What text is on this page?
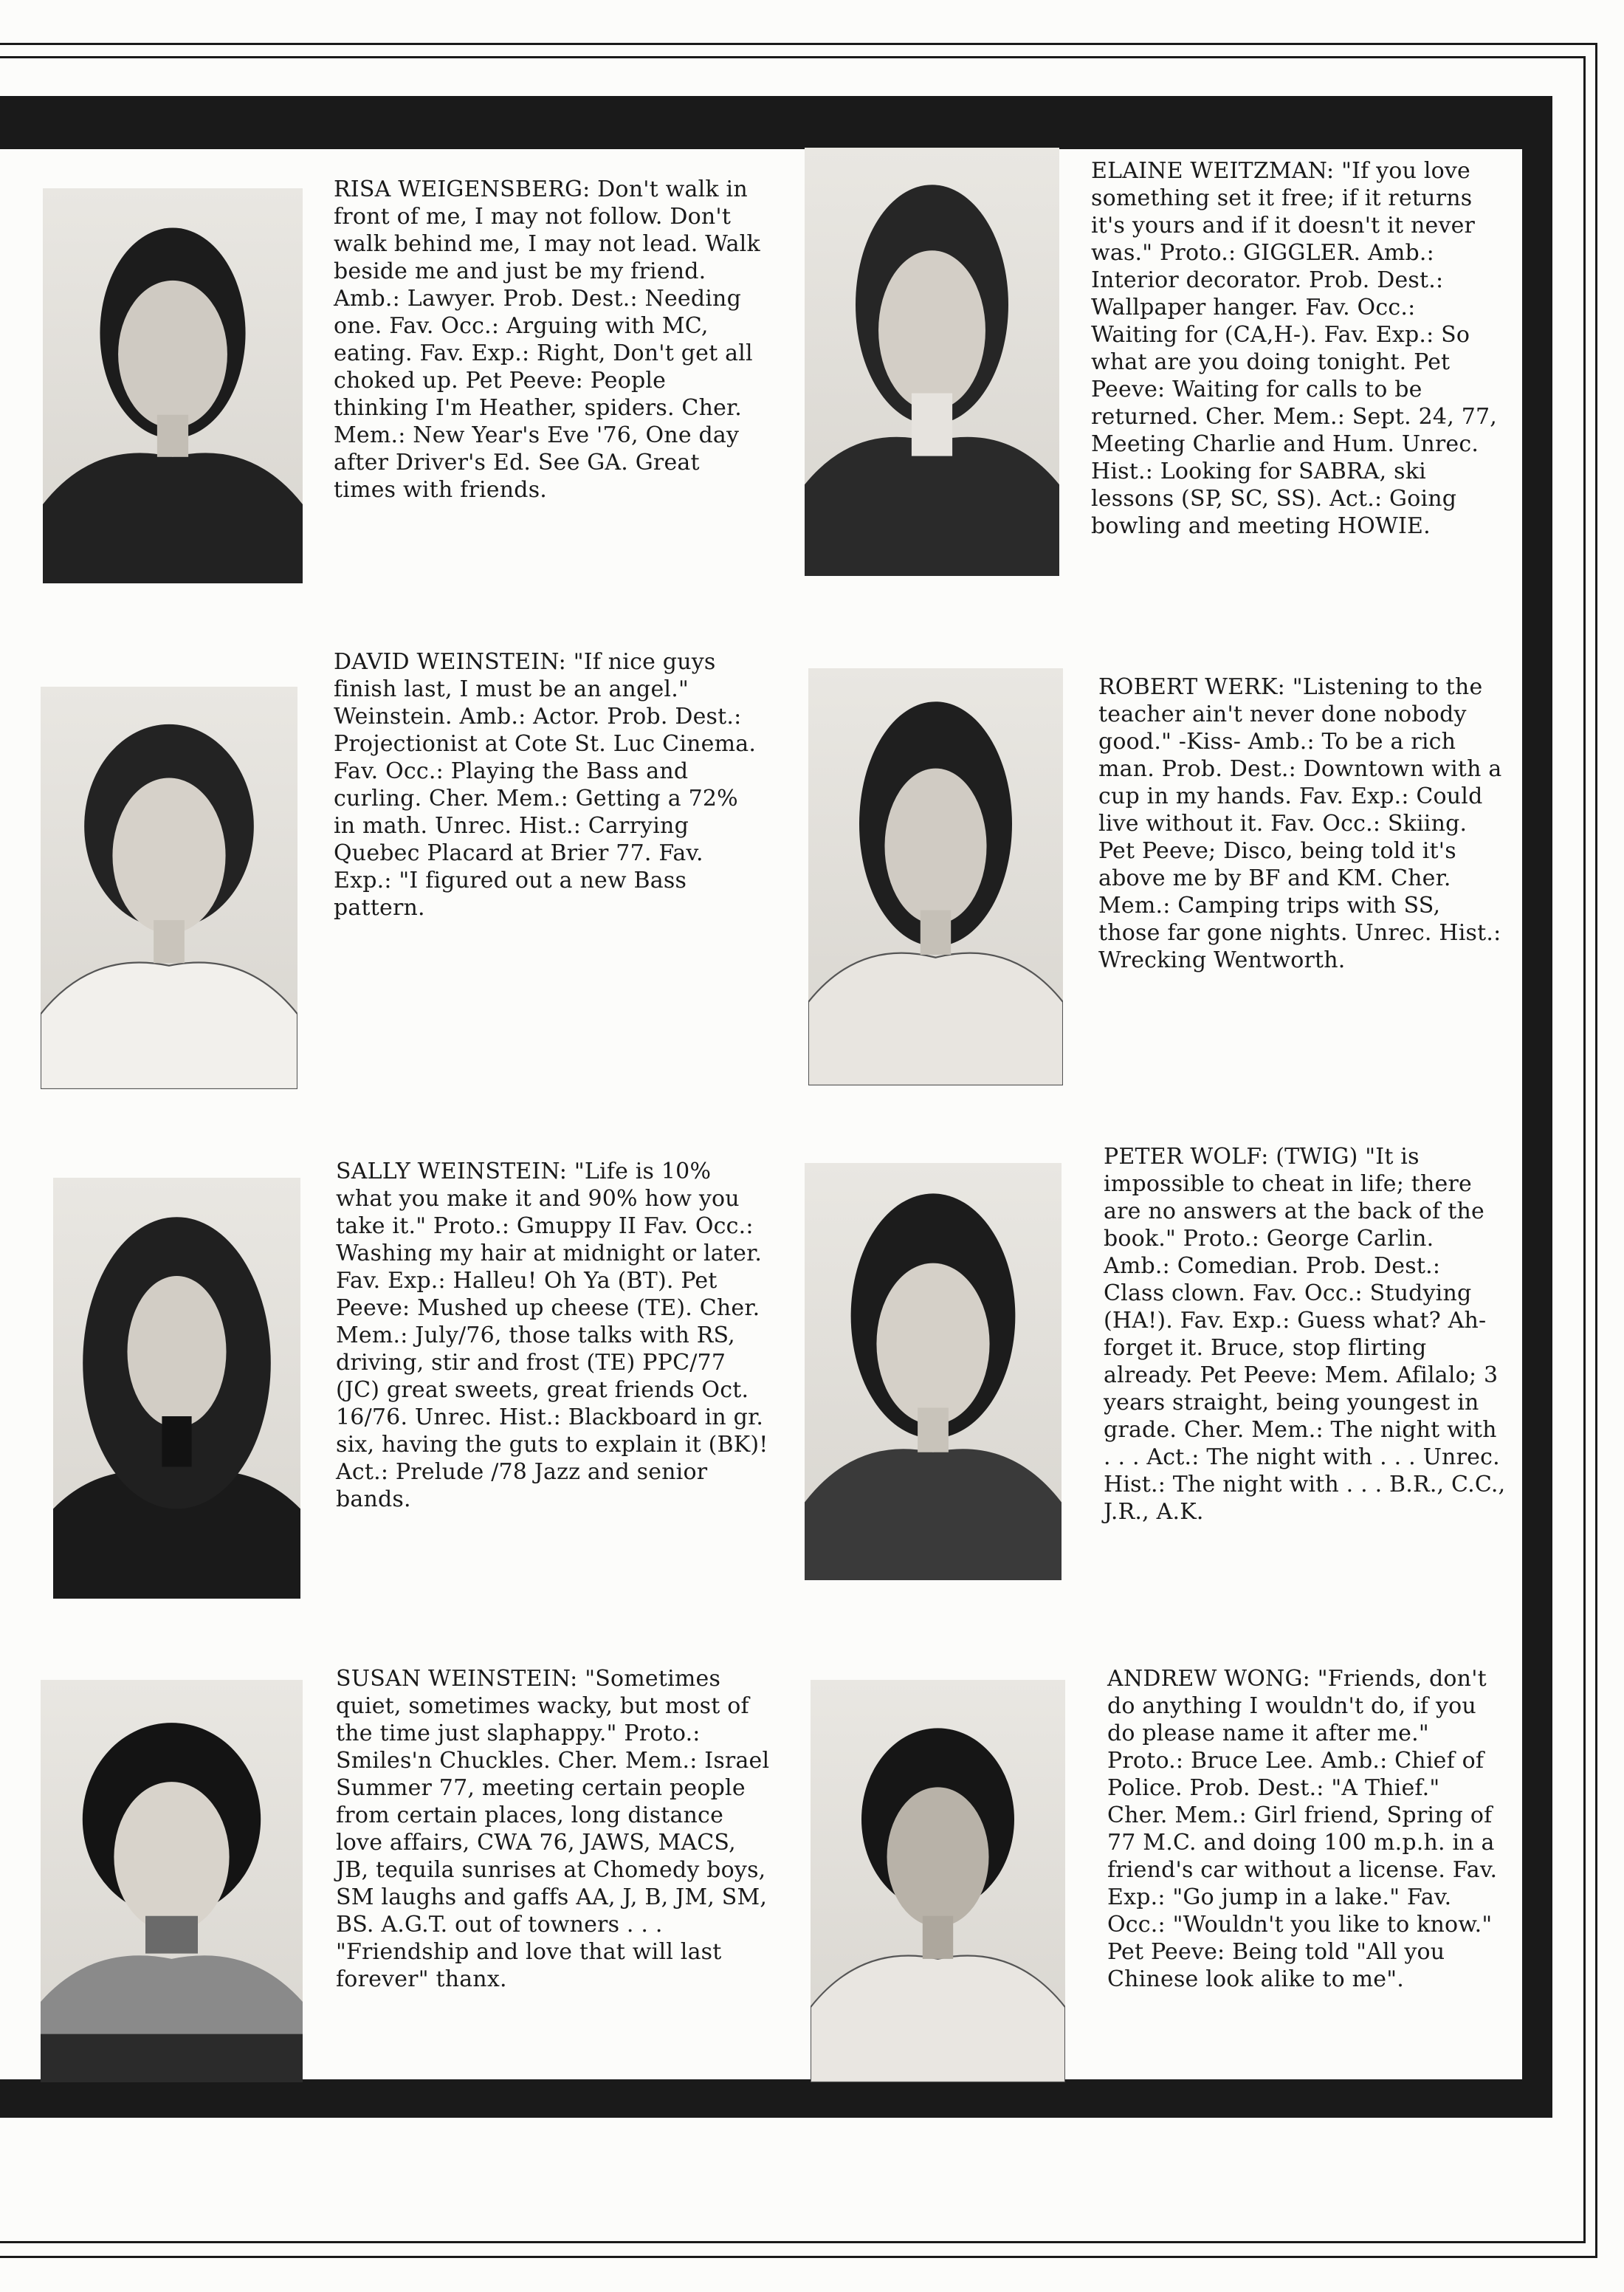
RISA WEIGENSBERG: Don't walk in front of me, I may not follow. Don't walk behind me, I may not lead. Walk beside me and just be my friend. Amb.: Lawyer. Prob. Dest.: Needing one. Fav. Occ.: Arguing with MC, eating. Fav. Exp.: Right, Don't get all choked up. Pet Peeve: People thinking I'm Heather, spiders. Cher. Mem.: New Year's Eve '76, One day after Driver's Ed. See GA. Great times with friends.

ELAINE WEITZMAN: "If you love something set it free; if it returns it's yours and if it doesn't it never was." Proto.: GIGGLER. Amb.: Interior decorator. Prob. Dest.: Wallpaper hanger. Fav. Occ.: Waiting for (CA,H-). Fav. Exp.: So what are you doing tonight. Pet Peeve: Waiting for calls to be returned. Cher. Mem.: Sept. 24, 77, Meeting Charlie and Hum. Unrec. Hist.: Looking for SABRA, ski lessons (SP, SC, SS). Act.: Going bowling and meeting HOWIE.

DAVID WEINSTEIN: "If nice guys finish last, I must be an angel." Weinstein. Amb.: Actor. Prob. Dest.: Projectionist at Cote St. Luc Cinema. Fav. Occ.: Playing the Bass and curling. Cher. Mem.: Getting a 72% in math. Unrec. Hist.: Carrying Quebec Placard at Brier 77. Fav. Exp.: "I figured out a new Bass pattern.

ROBERT WERK: "Listening to the teacher ain't never done nobody good." -Kiss- Amb.: To be a rich man. Prob. Dest.: Downtown with a cup in my hands. Fav. Exp.: Could live without it. Fav. Occ.: Skiing. Pet Peeve; Disco, being told it's above me by BF and KM. Cher. Mem.: Camping trips with SS, those far gone nights. Unrec. Hist.: Wrecking Wentworth.

SALLY WEINSTEIN: "Life is 10% what you make it and 90% how you take it." Proto.: Gmuppy II Fav. Occ.: Washing my hair at midnight or later. Fav. Exp.: Halleu! Oh Ya (BT). Pet Peeve: Mushed up cheese (TE). Cher. Mem.: July/76, those talks with RS, driving, stir and frost (TE) PPC/77 (JC) great sweets, great friends Oct. 16/76. Unrec. Hist.: Blackboard in gr. six, having the guts to explain it (BK)! Act.: Prelude /78 Jazz and senior bands.

PETER WOLF: (TWIG) "It is impossible to cheat in life; there are no answers at the back of the book." Proto.: George Carlin. Amb.: Comedian. Prob. Dest.: Class clown. Fav. Occ.: Studying (HA!). Fav. Exp.: Guess what? Ah-forget it. Bruce, stop flirting already. Pet Peeve: Mem. Afilalo; 3 years straight, being youngest in grade. Cher. Mem.: The night with . . . Act.: The night with . . . Unrec. Hist.: The night with . . . B.R., C.C., J.R., A.K.

SUSAN WEINSTEIN: "Sometimes quiet, sometimes wacky, but most of the time just slaphappy." Proto.: Smiles'n Chuckles. Cher. Mem.: Israel Summer 77, meeting certain people from certain places, long distance love affairs, CWA 76, JAWS, MACS, JB, tequila sunrises at Chomedy boys, SM laughs and gaffs AA, J, B, JM, SM, BS. A.G.T. out of towners . . . "Friendship and love that will last forever" thanx.

ANDREW WONG: "Friends, don't do anything I wouldn't do, if you do please name it after me." Proto.: Bruce Lee. Amb.: Chief of Police. Prob. Dest.: "A Thief." Cher. Mem.: Girl friend, Spring of 77 M.C. and doing 100 m.p.h. in a friend's car without a license. Fav. Exp.: "Go jump in a lake." Fav. Occ.: "Wouldn't you like to know." Pet Peeve: Being told "All you Chinese look alike to me".
